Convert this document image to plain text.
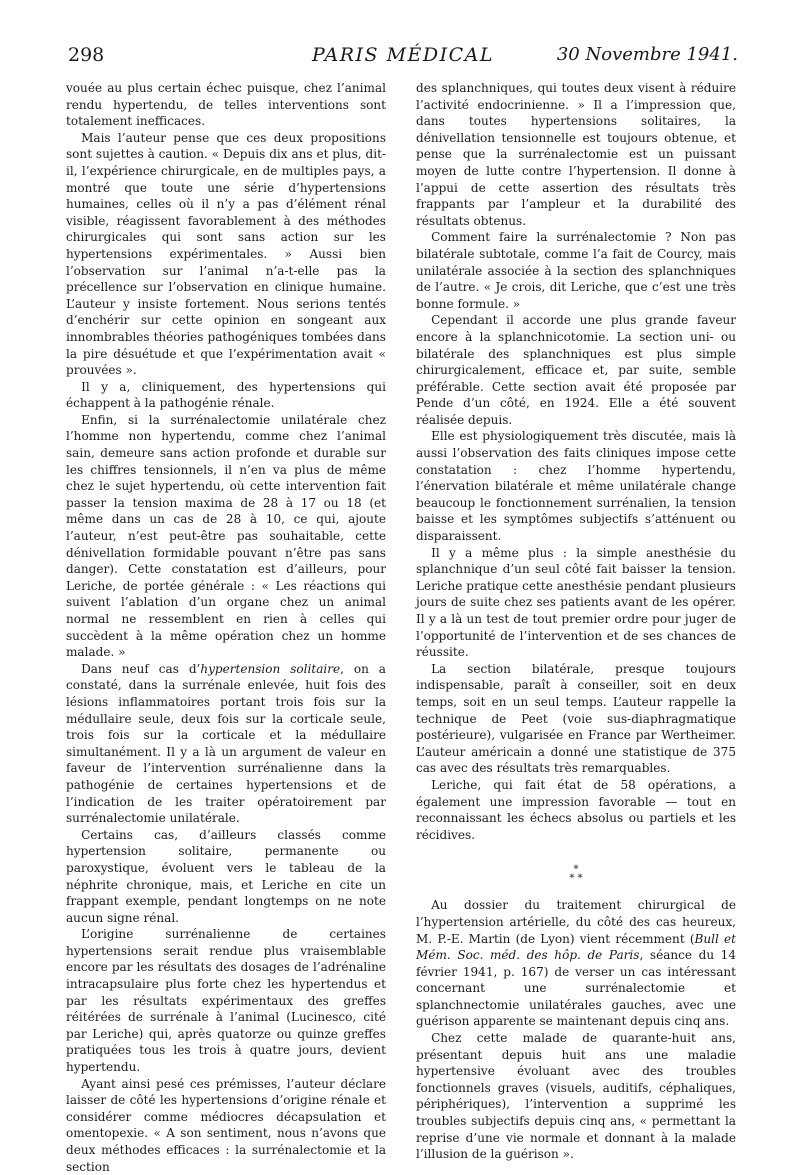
298	PARIS MÉDICAL	30 Novembre 1941.

vouée au plus certain échec puisque, chez l’animal rendu hypertendu, de telles interventions sont totalement inefficaces.

Mais l’auteur pense que ces deux propositions sont sujettes à caution. « Depuis dix ans et plus, dit-il, l’expérience chirurgicale, en de multiples pays, a montré que toute une série d’hypertensions humaines, celles où il n’y a pas d’élément rénal visible, réagissent favorablement à des méthodes chirurgicales qui sont sans action sur les hypertensions expérimentales. » Aussi bien l’observation sur l’animal n’a-t-elle pas la précellence sur l’observation en clinique humaine. L’auteur y insiste fortement. Nous serions tentés d’enchérir sur cette opinion en songeant aux innombrables théories pathogéniques tombées dans la pire désuétude et que l’expérimentation avait « prouvées ».

Il y a, cliniquement, des hypertensions qui échappent à la pathogénie rénale.

Enfin, si la surrénalectomie unilatérale chez l’homme non hypertendu, comme chez l’animal sain, demeure sans action profonde et durable sur les chiffres tensionnels, il n’en va plus de même chez le sujet hypertendu, où cette intervention fait passer la tension maxima de 28 à 17 ou 18 (et même dans un cas de 28 à 10, ce qui, ajoute l’auteur, n’est peut-être pas souhaitable, cette dénivellation formidable pouvant n’être pas sans danger). Cette constatation est d’ailleurs, pour Leriche, de portée générale : « Les réactions qui suivent l’ablation d’un organe chez un animal normal ne ressemblent en rien à celles qui succèdent à la même opération chez un homme malade. »

Dans neuf cas d’hypertension solitaire, on a constaté, dans la surrénale enlevée, huit fois des lésions inflammatoires portant trois fois sur la médullaire seule, deux fois sur la corticale seule, trois fois sur la corticale et la médullaire simultanément. Il y a là un argument de valeur en faveur de l’intervention surrénalienne dans la pathogénie de certaines hypertensions et de l’indication de les traiter opératoirement par surrénalectomie unilatérale.

Certains cas, d’ailleurs classés comme hypertension solitaire, permanente ou paroxystique, évoluent vers le tableau de la néphrite chronique, mais, et Leriche en cite un frappant exemple, pendant longtemps on ne note aucun signe rénal.

L’origine surrénalienne de certaines hypertensions serait rendue plus vraisemblable encore par les résultats des dosages de l’adrénaline intracapsulaire plus forte chez les hypertendus et par les résultats expérimentaux des greffes réitérées de surrénale à l’animal (Lucinesco, cité par Leriche) qui, après quatorze ou quinze greffes pratiquées tous les trois à quatre jours, devient hypertendu.

Ayant ainsi pesé ces prémisses, l’auteur déclare laisser de côté les hypertensions d’origine rénale et considérer comme médiocres décapsulation et omentopexie. « A son sentiment, nous n’avons que deux méthodes efficaces : la surrénalectomie et la section

des splanchniques, qui toutes deux visent à réduire l’activité endocrinienne. » Il a l’impression que, dans toutes hypertensions solitaires, la dénivellation tensionnelle est toujours obtenue, et pense que la surrénalectomie est un puissant moyen de lutte contre l’hypertension. Il donne à l’appui de cette assertion des résultats très frappants par l’ampleur et la durabilité des résultats obtenus.

Comment faire la surrénalectomie ? Non pas bilatérale subtotale, comme l’a fait de Courcy, mais unilatérale associée à la section des splanchniques de l’autre. « Je crois, dit Leriche, que c’est une très bonne formule. »

Cependant il accorde une plus grande faveur encore à la splanchnicotomie. La section uni- ou bilatérale des splanchniques est plus simple chirurgicalement, efficace et, par suite, semble préférable. Cette section avait été proposée par Pende d’un côté, en 1924. Elle a été souvent réalisée depuis.

Elle est physiologiquement très discutée, mais là aussi l’observation des faits cliniques impose cette constatation : chez l’homme hypertendu, l’énervation bilatérale et même unilatérale change beaucoup le fonctionnement surrénalien, la tension baisse et les symptômes subjectifs s’atténuent ou disparaissent.

Il y a même plus : la simple anesthésie du splanchnique d’un seul côté fait baisser la tension. Leriche pratique cette anesthésie pendant plusieurs jours de suite chez ses patients avant de les opérer. Il y a là un test de tout premier ordre pour juger de l’opportunité de l’intervention et de ses chances de réussite.

La section bilatérale, presque toujours indispensable, paraît à conseiller, soit en deux temps, soit en un seul temps. L’auteur rappelle la technique de Peet (voie sus-diaphragmatique postérieure), vulgarisée en France par Wertheimer. L’auteur américain a donné une statistique de 375 cas avec des résultats très remarquables.

Leriche, qui fait état de 58 opérations, a également une impression favorable — tout en reconnaissant les échecs absolus ou partiels et les récidives.

*
* *

Au dossier du traitement chirurgical de l’hypertension artérielle, du côté des cas heureux, M. P.-E. Martin (de Lyon) vient récemment (Bull et Mém. Soc. méd. des hôp. de Paris, séance du 14 février 1941, p. 167) de verser un cas intéressant concernant une surrénalectomie et splanchnectomie unilatérales gauches, avec une guérison apparente se maintenant depuis cinq ans.

Chez cette malade de quarante-huit ans, présentant depuis huit ans une maladie hypertensive évoluant avec des troubles fonctionnels graves (visuels, auditifs, céphaliques, périphériques), l’intervention a supprimé les troubles subjectifs depuis cinq ans, « permettant la reprise d’une vie normale et donnant à la malade l’illusion de la guérison ».
